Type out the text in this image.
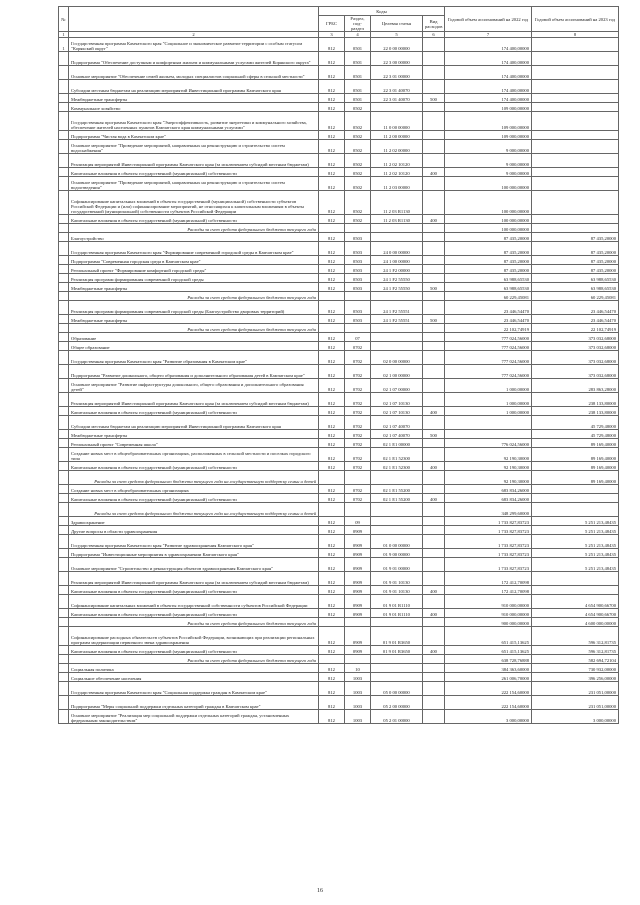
№		Коды				Годовой объем ассигнований на 2022 год	Годовой объем ассигнований на 2023 год
		ГРБС	Раздел, под-раздел	Целевая статья	Вид расходов		
1	2	3	4	5	6	7	8
1	Государственная программа Камчатского края "Социальное и экономическое развитие территории с особым статусом "Корякский округ"	812	0501	22 0 00 00000		174 400,00000	
	Подпрограмма "Обеспечение доступным и комфортным жильем и коммунальными услугами жителей Корякского округа"	812	0501	22 3 00 00000		174 400,00000	
	Основное мероприятие "Обеспечение семей жильем, молодых специалистов социальной сферы в сельской местности"	812	0501	22 3 01 00000		174 400,00000	
	Субсидии местным бюджетам на реализацию мероприятий Инвестиционной программы Камчатского края	812	0501	22 3 01 40070		174 400,00000	
	Межбюджетные трансферты	812	0501	22 3 01 40070	500	174 400,00000	
	Коммунальное хозяйство	812	0502			109 000,00000	
	Государственная программа Камчатского края "Энергоэффективность, развитие энергетики и коммунального хозяйства, обеспечение жителей населенных пунктов Камчатского края коммунальными услугами"	812	0502	11 0 00 00000		109 000,00000	
	Подпрограмма "Чистая вода в Камчатском крае"	812	0502	11 2 00 00000		109 000,00000	
	Основное мероприятие "Проведение мероприятий, направленных на реконструкцию и строительство систем водоснабжения"	812	0502	11 2 02 00000		9 000,00000	
	Реализация мероприятий Инвестиционной программы Камчатского края (за исключением субсидий местным бюджетам)	812	0502	11 2 02 10120		9 000,00000	
	Капитальные вложения в объекты государственной (муниципальной) собственности	812	0502	11 2 02 10120	400	9 000,00000	
	Основное мероприятие "Проведение мероприятий, направленных на реконструкцию и строительство систем водоотведения"	812	0502	11 2 03 00000		100 000,00000	
	Софинансирование капитальных вложений в объекты государственной (муниципальной) собственности субъектов Российской Федерации и (или) софинансирование мероприятий, не относящихся к капитальным вложениям в объекты государственной (муниципальной) собственности субъектов Российской Федерации	812	0502	11 2 03 R1130		100 000,00000	
	Капитальные вложения в объекты государственной (муниципальной) собственности	812	0502	11 2 03 R1130	400	100 000,00000	
	Расходы за счет средств федерального бюджета текущего года					100 000,00000	
	Благоустройство	812	0503			87 435,20000	87 435,20000
	Государственная программа Камчатского края "Формирование современной городской среды в Камчатском крае"	812	0503	24 0 00 00000		87 435,20000	87 435,20000
	Подпрограмма "Современная городская среда в Камчатском крае"	812	0503	24 1 00 00000		87 435,20000	87 435,20000
	Региональный проект "Формирование комфортной городской среды"	812	0503	24 1 F2 00000		87 435,20000	87 435,20000
	Реализация программ формирования современной городской среды	812	0503	24 1 F2 55550		63 988,65530	63 988,65530
	Межбюджетные трансферты	812	0503	24 1 F2 55550	500	63 988,65530	63 988,65530
	Расходы за счет средств федерального бюджета текущего года					60 229,45081	60 229,45081
	Реализация программ формирования современной городской среды (Благоустройство дворовых территорий)	812	0503	24 1 F2 55551		23 446,54470	23 446,54470
	Межбюджетные трансферты	812	0503	24 1 F2 55551	500	23 446,54470	23 446,54470
	Расходы за счет средств федерального бюджета текущего года					22 102,74919	22 102,74919
	Образование	812	07			777 024,56000	373 032,68000
	Общее образование	812	0702			777 024,56000	373 032,68000
	Государственная программа Камчатского края "Развитие образования в Камчатском крае"	812	0702	02 0 00 00000		777 024,56000	373 032,68000
	Подпрограмма "Развитие дошкольного, общего образования и дополнительного образования детей в Камчатском крае"	812	0702	02 1 00 00000		777 024,56000	373 032,68000
	Основное мероприятие "Развитие инфраструктуры дошкольного, общего образования и дополнительного образования детей"	812	0702	02 1 07 00000		1 000,00000	283 863,28000
	Реализация мероприятий Инвестиционной программы Камчатского края (за исключением субсидий местным бюджетам)	812	0702	02 1 07 10130		1 000,00000	238 133,80000
	Капитальные вложения в объекты государственной (муниципальной) собственности	812	0702	02 1 07 10130	400	1 000,00000	238 133,80000
	Субсидии местным бюджетам на реализацию мероприятий Инвестиционной программы Камчатского края	812	0702	02 1 07 40070			45 729,48000
	Межбюджетные трансферты	812	0702	02 1 07 40070	500		45 729,48000
	Региональный проект "Современная школа"	812	0702	02 1 E1 00000		776 024,56000	89 169,40000
	Создание новых мест в общеобразовательных организациях, расположенных в сельской местности и поселках городского типа	812	0702	02 1 E1 52300		92 190,30000	89 169,40000
	Капитальные вложения в объекты государственной (муниципальной) собственности	812	0702	02 1 E1 52300	400	92 190,30000	89 169,40000
	Расходы за счет средств федерального бюджета текущего года на государственную поддержку семьи и детей					92 190,30000	89 169,40000
	Создание новых мест в общеобразовательных организациях	812	0702	02 1 E1 55200		683 834,26000	
	Капитальные вложения в объекты государственной (муниципальной) собственности	812	0702	02 1 E1 55200	400	683 834,26000	
	Расходы за счет средств федерального бюджета текущего года на государственную поддержку семьи и детей					348 299,60000	
	Здравоохранение	812	09			1 733 827,83723	5 251 213,48435
	Другие вопросы в области здравоохранения	812	0909			1 733 827,83723	5 251 213,48435
	Государственная программа Камчатского края "Развитие здравоохранения Камчатского края"	812	0909	01 0 00 00000		1 733 827,83723	5 251 213,48435
	Подпрограмма "Инвестиционные мероприятия в здравоохранении Камчатского края"	812	0909	01 9 00 00000		1 733 827,83723	5 251 213,48435
	Основное мероприятие "Строительство и реконструкция объектов здравоохранения Камчатского края"	812	0909	01 9 01 00000		1 733 827,83723	5 251 213,48435
	Реализация мероприятий Инвестиционной программы Камчатского края (за исключением субсидий местным бюджетам)	812	0909	01 9 01 10130		172 412,70098	
	Капитальные вложения в объекты государственной (муниципальной) собственности	812	0909	01 9 01 10130	400	172 412,70098	
	Софинансирование капитальных вложений в объекты государственной собственности субъектов Российской Федерации	812	0909	01 9 01 R1110		910 000,00000	4 654 900,66700
	Капитальные вложения в объекты государственной (муниципальной) собственности	812	0909	01 9 01 R1110	400	910 000,00000	4 654 900,66700
	Расходы за счет средств федерального бюджета текущего года					900 000,00000	4 600 000,00000
	Софинансирование расходных обязательств субъектов Российской Федерации, возникающих при реализации региональных программ модернизации первичного звена здравоохранения	812	0909	01 9 01 R3650		651 415,13625	596 312,81735
	Капитальные вложения в объекты государственной (муниципальной) собственности	812	0909	01 9 01 R3650	400	651 415,13625	596 312,81735
	Расходы за счет средств федерального бюджета текущего года					638 728,76888	582 694,72104
	Социальная политика	812	10			384 363,60000	730 932,00000
	Социальное обеспечение населения	812	1003			261 006,70000	396 256,00000
	Государственная программа Камчатского края "Социальная поддержка граждан в Камчатском крае"	812	1003	05 0 00 00000		222 154,60000	231 051,00000
	Подпрограмма "Меры социальной поддержки отдельных категорий граждан в Камчатском крае"	812	1003	05 2 00 00000		222 154,60000	231 051,00000
	Основное мероприятие "Реализация мер социальной поддержки отдельных категорий граждан, установленных федеральным законодательством"	812	1003	05 2 01 00000		3 000,00000	3 000,00000
16
